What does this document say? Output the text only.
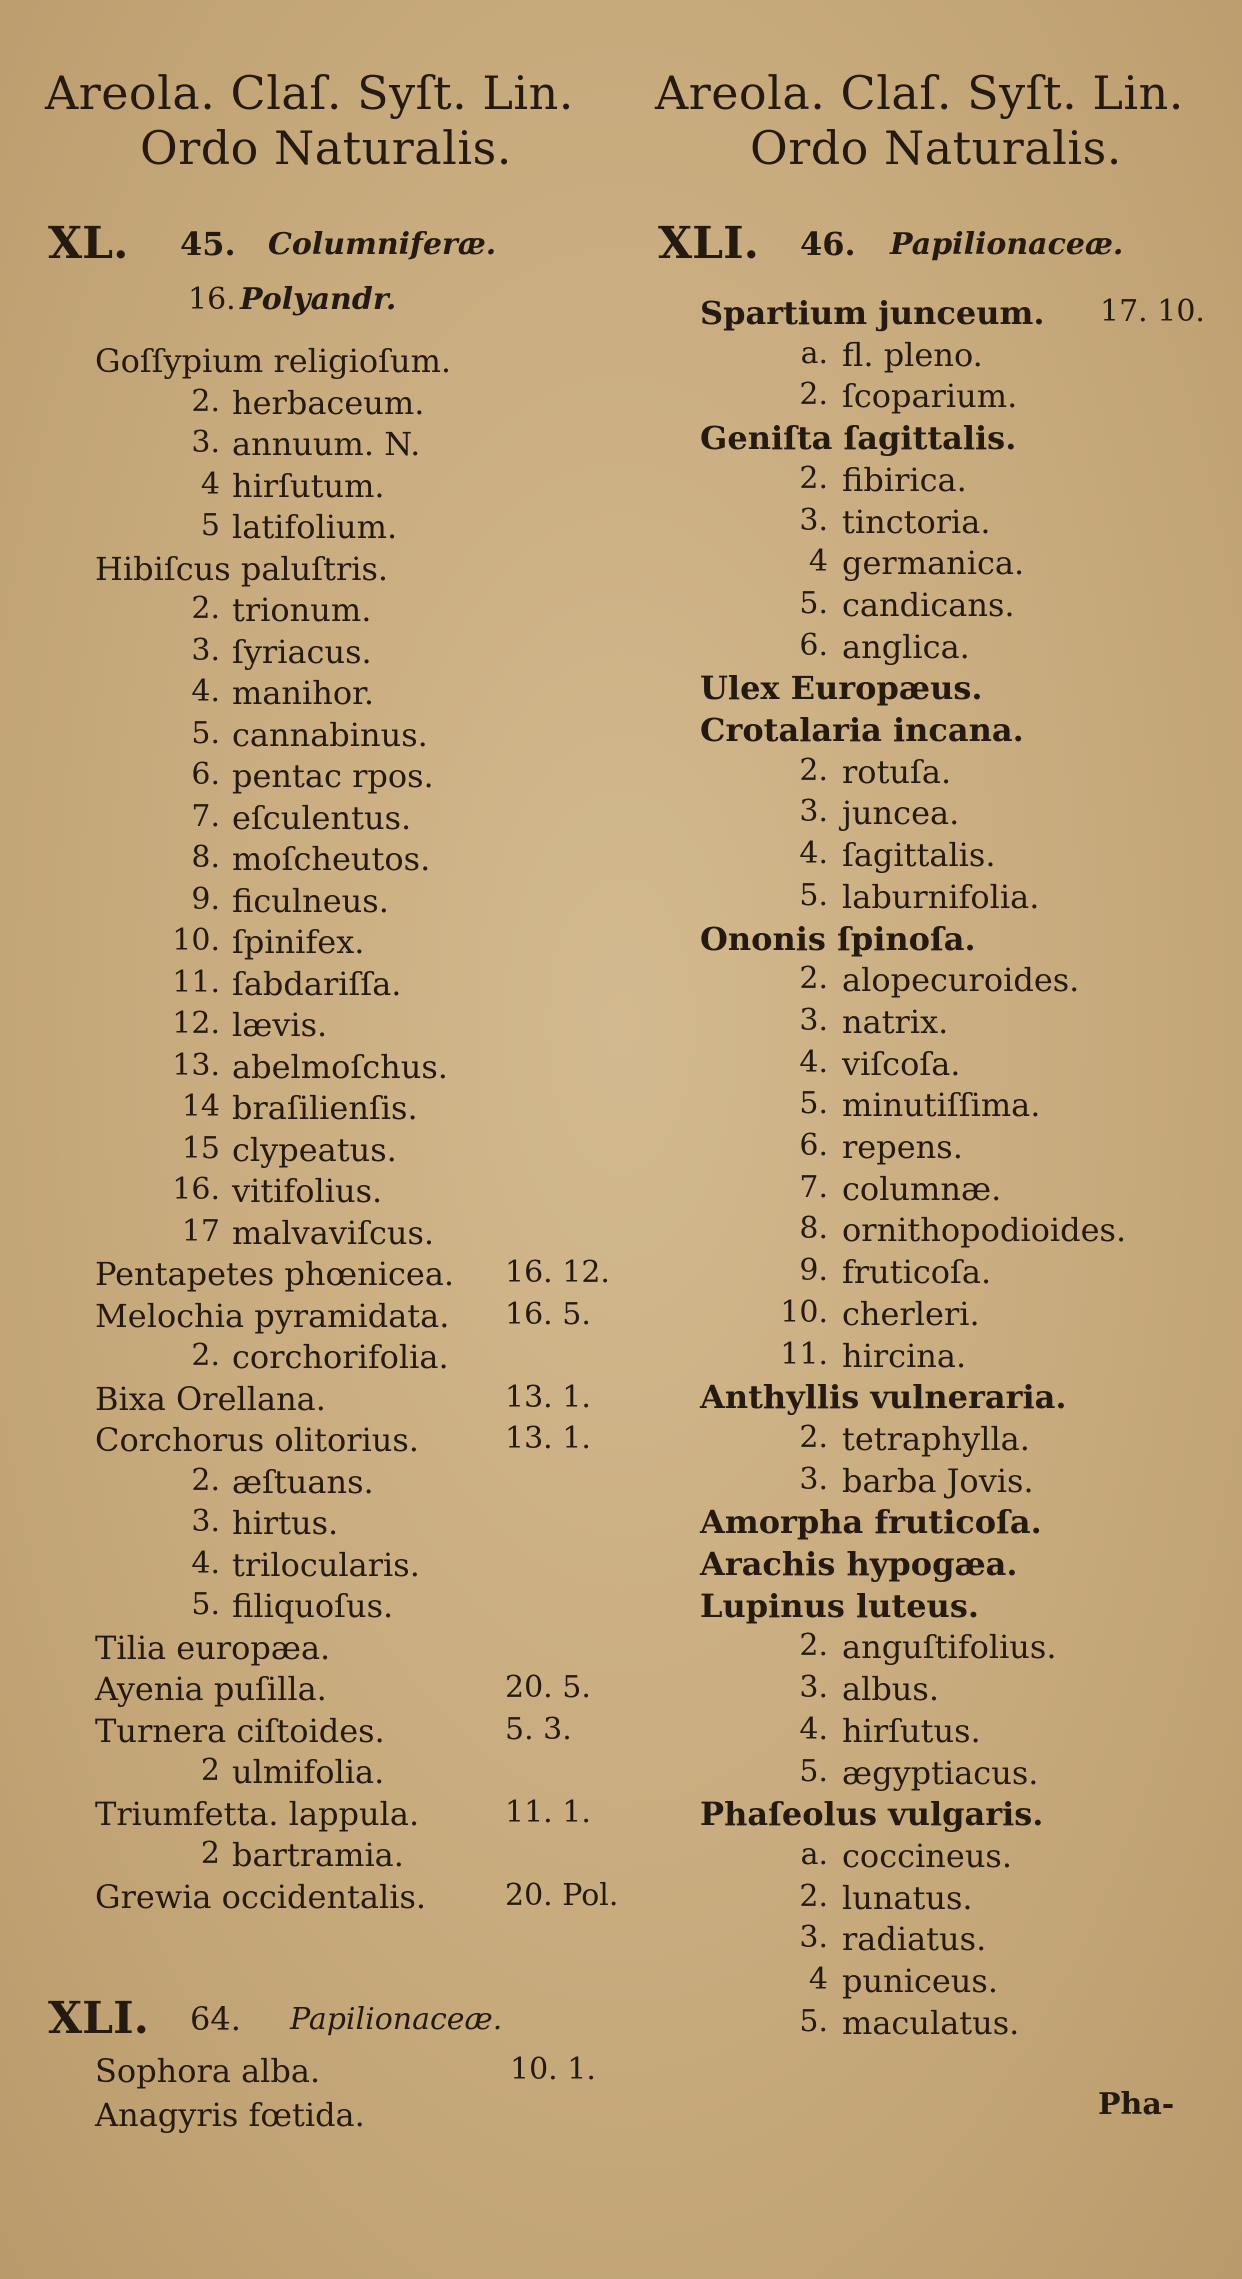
Areola. Claſ. Syſt. Lin.
Ordo Naturalis.
Areola. Claſ. Syſt. Lin.
Ordo Naturalis.
XL. 45. Columniferæ.
16. Polyandr.
Goſſypium religioſum.
2. herbaceum.
3. annuum. N.
4 hirſutum.
5 latifolium.
Hibiſcus paluſtris.
2. trionum.
3. ſyriacus.
4. manihor.
5. cannabinus.
6. pentac rpos.
7. eſculentus.
8. moſcheutos.
9. ficulneus.
10. ſpinifex.
11. ſabdariſſa.
12. lævis.
13. abelmoſchus.
14 braſilienſis.
15 clypeatus.
16. vitifolius.
17 malvaviſcus.
Pentapetes phœnicea. 16. 12.
Melochia pyramidata. 16. 5.
2. corchorifolia.
Bixa Orellana.	13. 1.
Corchorus olitorius.	13. 1.
2. æſtuans.
3. hirtus.
4. trilocularis.
5. filiquoſus.
Tilia europæa.
Ayenia puſilla.	20. 5.
Turnera ciſtoides.	5. 3.
2 ulmifolia.
Triumfetta. lappula.	11. 1.
2 bartramia.
Grewia occidentalis.	20. Pol.
XLI. 64. Papilionaceæ.
Sophora alba.	10. 1.
Anagyris fœtida.
XLI. 46. Papilionaceæ.
Spartium junceum. 17. 10.
a. fl. pleno.
2. ſcoparium.
Geniſta ſagittalis.
2. fibirica.
3. tinctoria.
4 germanica.
5. candicans.
6. anglica.
Ulex Europæus.
Crotalaria incana.
2. rotuſa.
3. juncea.
4. ſagittalis.
5. laburnifolia.
Ononis ſpinoſa.
2. alopecuroides.
3. natrix.
4. viſcoſa.
5. minutiſſima.
6. repens.
7. columnæ.
8. ornithopodioides.
9. fruticoſa.
10. cherleri.
11. hircina.
Anthyllis vulneraria.
2. tetraphylla.
3. barba Jovis.
Amorpha fruticoſa.
Arachis hypogæa.
Lupinus luteus.
2. anguſtifolius.
3. albus.
4. hirſutus.
5. ægyptiacus.
Phaſeolus vulgaris.
a. coccineus.
2. lunatus.
3. radiatus.
4 puniceus.
5. maculatus.
Pha-
